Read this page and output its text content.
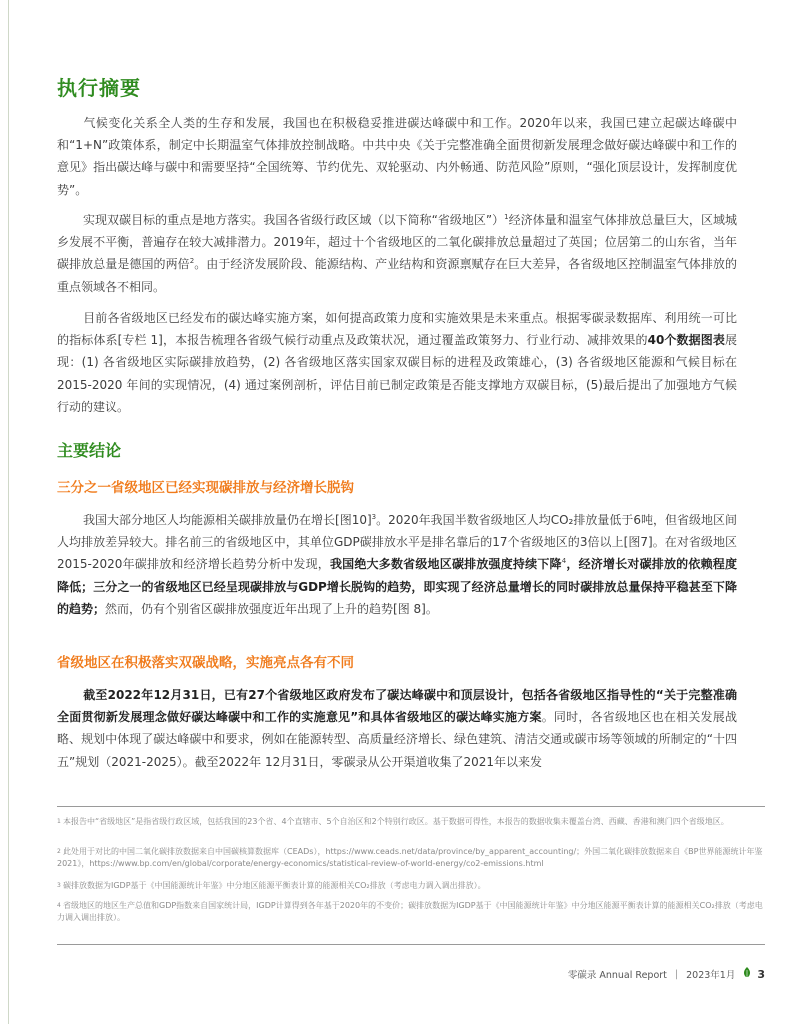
执行摘要

气候变化关系全人类的生存和发展，我国也在积极稳妥推进碳达峰碳中和工作。2020年以来，我国已建立起碳达峰碳中和“1+N”政策体系，制定中长期温室气体排放控制战略。中共中央《关于完整准确全面贯彻新发展理念做好碳达峰碳中和工作的意见》指出碳达峰与碳中和需要坚持“全国统筹、节约优先、双轮驱动、内外畅通、防范风险”原则，“强化顶层设计，发挥制度优势”。

实现双碳目标的重点是地方落实。我国各省级行政区域（以下简称“省级地区”）$^1$经济体量和温室气体排放总量巨大，区域城乡发展不平衡，普遍存在较大减排潜力。2019年，超过十个省级地区的二氧化碳排放总量超过了英国；位居第二的山东省，当年碳排放总量是德国的两倍$^2$。由于经济发展阶段、能源结构、产业结构和资源禀赋存在巨大差异，各省级地区控制温室气体排放的重点领域各不相同。

目前各省级地区已经发布的碳达峰实施方案，如何提高政策力度和实施效果是未来重点。根据零碳录数据库、利用统一可比的指标体系[专栏 1]，本报告梳理各省级气候行动重点及政策状况，通过覆盖政策努力、行业行动、减排效果的40个数据图表展现：(1) 各省级地区实际碳排放趋势，(2) 各省级地区落实国家双碳目标的进程及政策雄心，(3) 各省级地区能源和气候目标在 2015-2020 年间的实现情况，(4) 通过案例剖析，评估目前已制定政策是否能支撑地方双碳目标，(5)最后提出了加强地方气候行动的建议。

主要结论
三分之一省级地区已经实现碳排放与经济增长脱钩

我国大部分地区人均能源相关碳排放量仍在增长[图10]$^3$。2020年我国半数省级地区人均CO₂排放量低于6吨，但省级地区间人均排放差异较大。排名前三的省级地区中，其单位GDP碳排放水平是排名靠后的17个省级地区的3倍以上[图7]。在对省级地区2015-2020年碳排放和经济增长趋势分析中发现，我国绝大多数省级地区碳排放强度持续下降$^4$，经济增长对碳排放的依赖程度降低；三分之一的省级地区已经呈现碳排放与GDP增长脱钩的趋势，即实现了经济总量增长的同时碳排放总量保持平稳甚至下降的趋势；然而，仍有个别省区碳排放强度近年出现了上升的趋势[图 8]。

省级地区在积极落实双碳战略，实施亮点各有不同

截至2022年12月31日，已有27个省级地区政府发布了碳达峰碳中和顶层设计，包括各省级地区指导性的“关于完整准确全面贯彻新发展理念做好碳达峰碳中和工作的实施意见”和具体省级地区的碳达峰实施方案。同时，各省级地区也在相关发展战略、规划中体现了碳达峰碳中和要求，例如在能源转型、高质量经济增长、绿色建筑、清洁交通或碳市场等领域的所制定的“十四五”规划（2021-2025）。截至2022年 12月31日，零碳录从公开渠道收集了2021年以来发

1 本报告中“省级地区”是指省级行政区域，包括我国的23个省、4个直辖市、5个自治区和2个特别行政区。基于数据可得性，本报告的数据收集未覆盖台湾、西藏、香港和澳门四个省级地区。

2 此处用于对比的中国二氧化碳排放数据来自中国碳核算数据库（CEADs），https://www.ceads.net/data/province/by_apparent_accounting/；外国二氧化碳排放数据来自《BP世界能源统计年鉴2021》，https://www.bp.com/en/global/corporate/energy-economics/statistical-review-of-world-energy/co2-emissions.html

3 碳排放数据为IGDP基于《中国能源统计年鉴》中分地区能源平衡表计算的能源相关CO₂排放（考虑电力调入调出排放）。

4 省级地区的地区生产总值和GDP指数来自国家统计局，IGDP计算得到各年基于2020年的不变价；碳排放数据为IGDP基于《中国能源统计年鉴》中分地区能源平衡表计算的能源相关CO₂排放（考虑电力调入调出排放）。

零碳录 Annual Report | 2023年1月 3
